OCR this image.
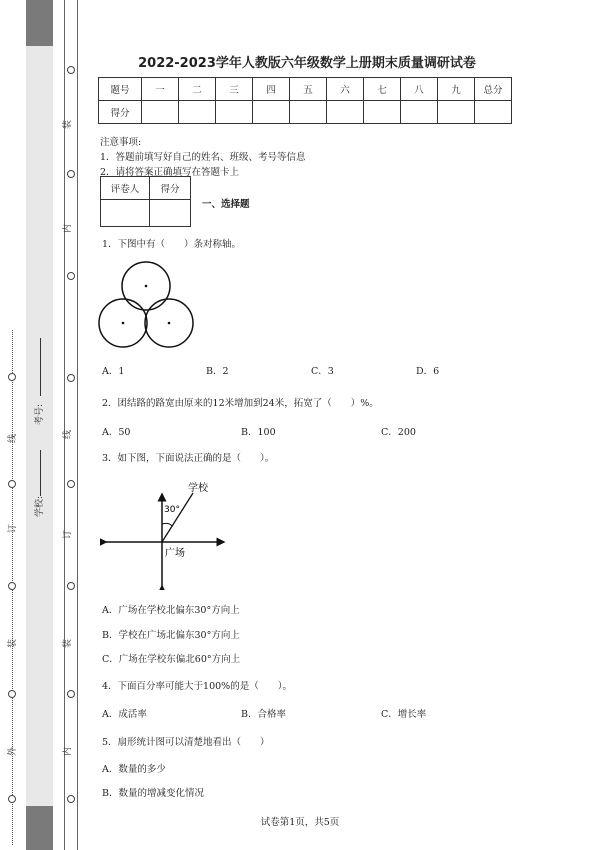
线
订
装
外
学校:
考号:
装
内
线
订
装
内
2022-2023学年人教版六年级数学上册期末质量调研试卷
题号	一	二	三	四	五	六	七	八	九	总分
得分										
注意事项:
1．答题前填写好自己的姓名、班级、考号等信息
2．请将答案正确填写在答题卡上
评卷人	得分

一、选择题
1．下图中有（　　）条对称轴。
A．1	B．2	C．3	D．6
2．团结路的路宽由原来的12米增加到24米，拓宽了（　　）%。
A．50	B．100	C．200
3．如下图，下面说法正确的是（　　）。
学校
广场
30°
A．广场在学校北偏东30°方向上
B．学校在广场北偏东30°方向上
C．广场在学校东偏北60°方向上
4．下面百分率可能大于100%的是（　　）。
A．成活率	B．合格率	C．增长率
5．扇形统计图可以清楚地看出（　　）
A．数量的多少
B．数量的增减变化情况
试卷第1页，共5页
